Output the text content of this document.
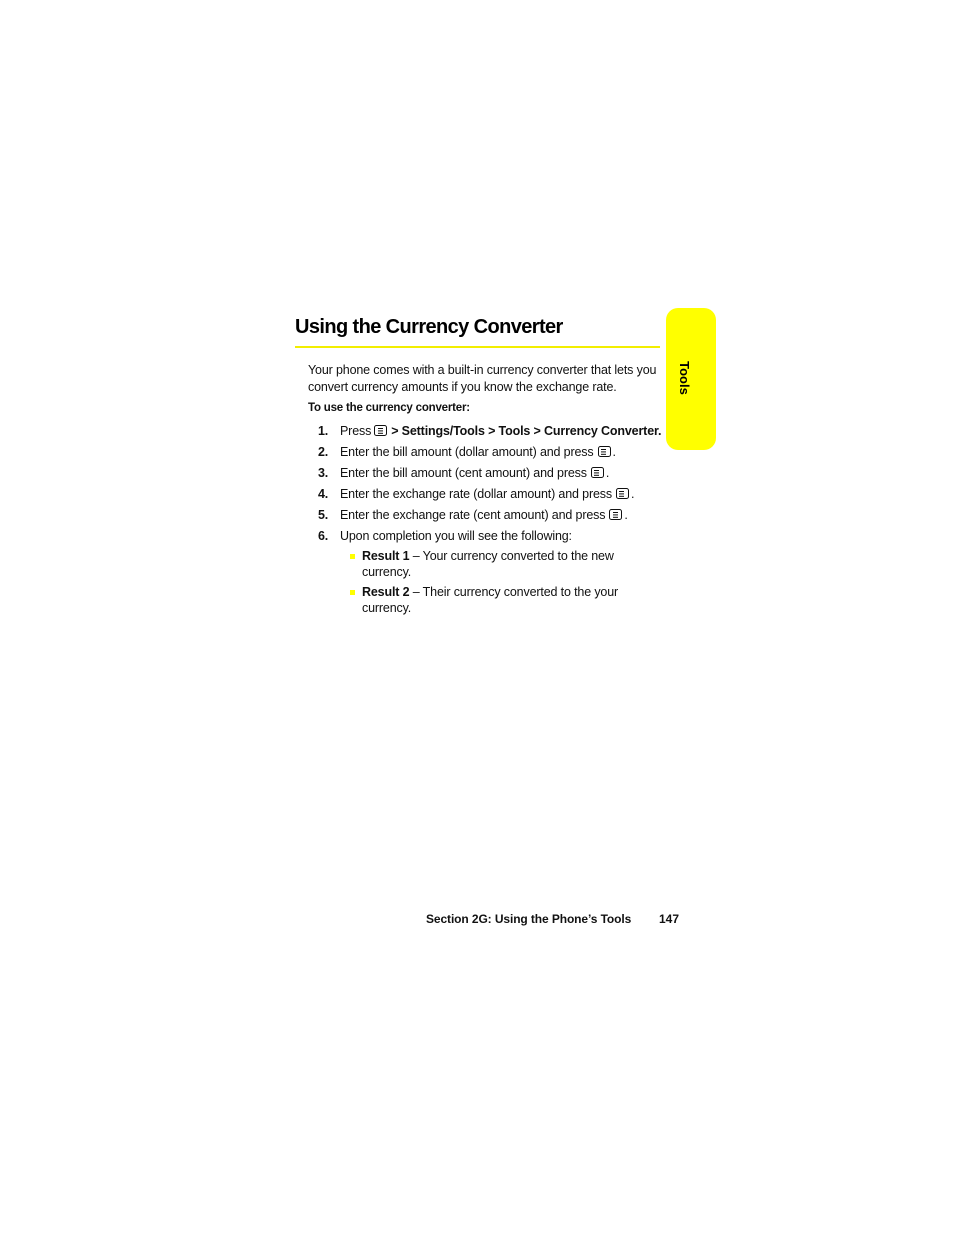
Using the Currency Converter
Tools

Your phone comes with a built-in currency converter that lets you convert currency amounts if you know the exchange rate.

To use the currency converter:

1. Press > Settings/Tools > Tools > Currency Converter.
2. Enter the bill amount (dollar amount) and press .
3. Enter the bill amount (cent amount) and press .
4. Enter the exchange rate (dollar amount) and press .
5. Enter the exchange rate (cent amount) and press .
6. Upon completion you will see the following:
Result 1 – Your currency converted to the new currency.
Result 2 – Their currency converted to the your currency.
Section 2G: Using the Phone’s Tools 147
